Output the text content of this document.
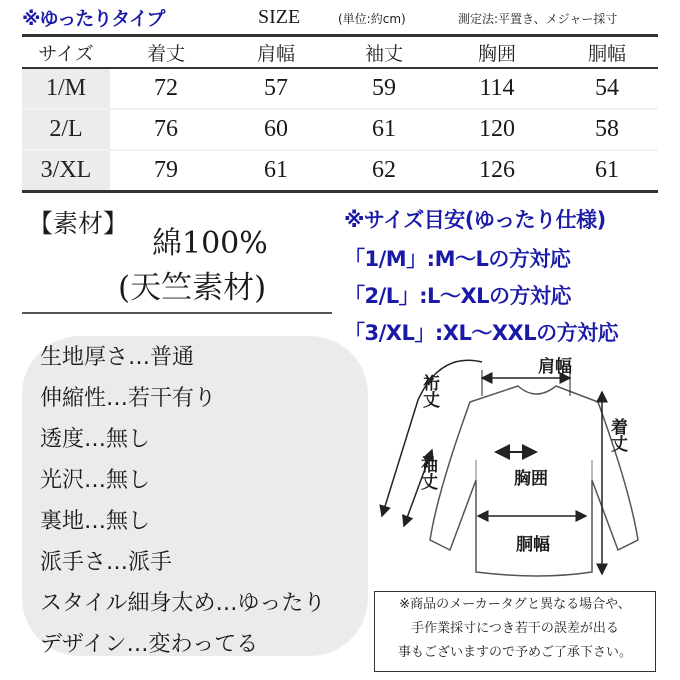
※ゆったりタイプ	SIZE	(単位:約cm)	測定法:平置き、メジャー採寸
サイズ	着丈	肩幅	袖丈	胸囲	胴幅
1/M	72	57	59	114	54
2/L	76	60	61	120	58
3/XL	79	61	62	126	61
【素材】
綿100%
(天竺素材)
※サイズ目安(ゆったり仕様)
「1/M」:M〜Lの方対応
「2/L」:L〜XLの方対応
「3/XL」:XL〜XXLの方対応
生地厚さ…普通
伸縮性…若干有り
透度…無し
光沢…無し
裏地…無し
派手さ…派手
スタイル細身太め…ゆったり
デザイン…変わってる
肩幅
裄丈
着丈
袖丈	胸囲
胴幅
※商品のメーカータグと異なる場合や、
手作業採寸につき若干の誤差が出る
事もございますので予めご了承下さい。
